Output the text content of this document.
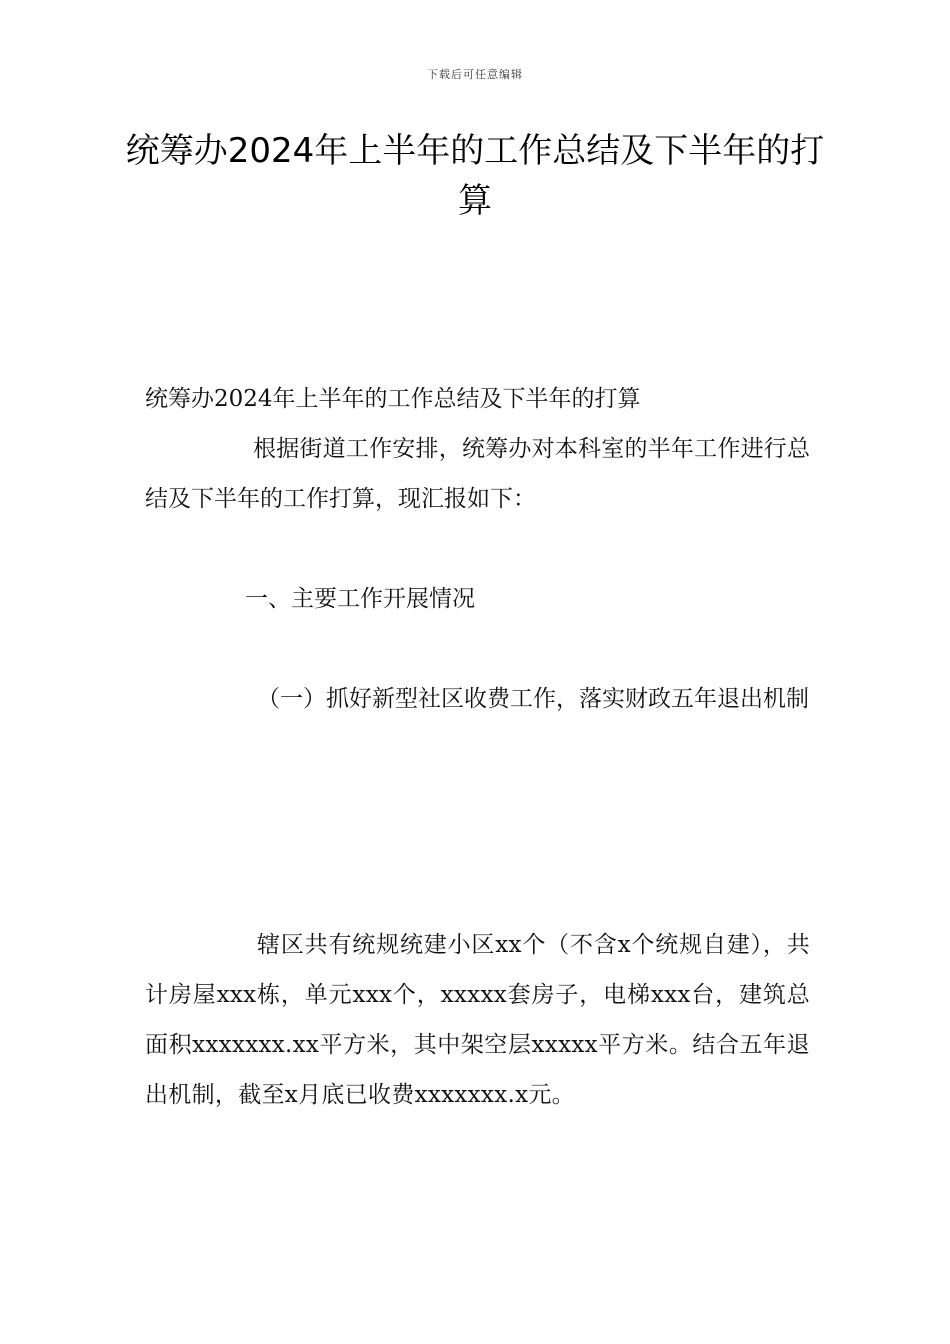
下载后可任意编辑
统筹办2024年上半年的工作总结及下半年的打算

统筹办2024年上半年的工作总结及下半年的打算

根据街道工作安排，统筹办对本科室的半年工作进行总结及下半年的工作打算，现汇报如下：

一、主要工作开展情况

（一）抓好新型社区收费工作，落实财政五年退出机制

辖区共有统规统建小区xx个（不含x个统规自建），共计房屋xxx栋，单元xxx个，xxxxx套房子，电梯xxx台，建筑总面积xxxxxxx.xx平方米，其中架空层xxxxx平方米。结合五年退出机制，截至x月底已收费xxxxxxx.x元。
